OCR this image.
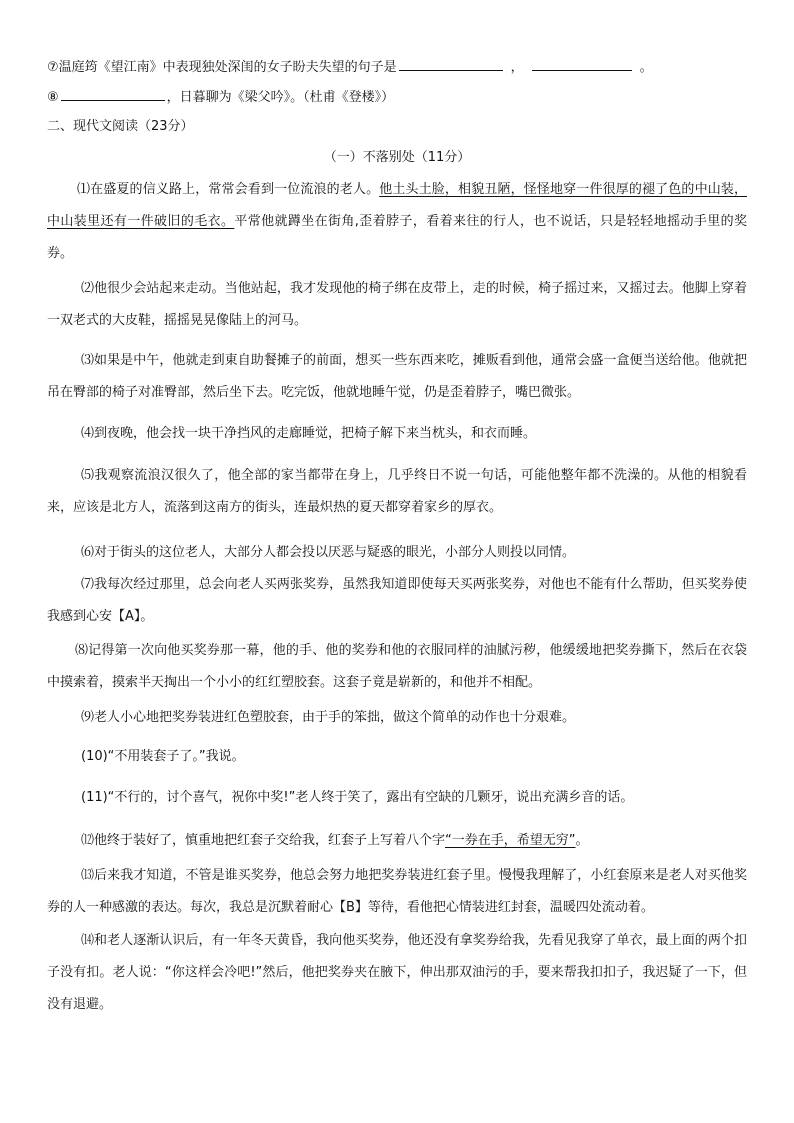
⑦温庭筠《望江南》中表现独处深闺的女子盼夫失望的句子是	，	。
⑧	，日暮聊为《梁父吟》。（杜甫《登楼》）
二、现代文阅读（23分）
（一）不落别处（11分）
⑴在盛夏的信义路上，常常会看到一位流浪的老人。他土头土脸，相貌丑陋，怪怪地穿一件很厚的褪了色的中山装，中山装里还有一件破旧的毛衣。平常他就蹲坐在街角,歪着脖子，看着来往的行人，也不说话，只是轻轻地摇动手里的奖券。
⑵他很少会站起来走动。当他站起，我才发现他的椅子绑在皮带上，走的时候，椅子摇过来，又摇过去。他脚上穿着一双老式的大皮鞋，摇摇晃晃像陆上的河马。
⑶如果是中午，他就走到東自助餐摊子的前面，想买一些东西来吃，摊贩看到他，通常会盛一盒便当送给他。他就把吊在臀部的椅子对准臀部，然后坐下去。吃完饭，他就地睡午觉，仍是歪着脖子，嘴巴微张。
⑷到夜晚，他会找一块干净挡风的走廊睡觉，把椅子解下来当枕头，和衣而睡。
⑸我观察流浪汉很久了，他全部的家当都带在身上，几乎终日不说一句话，可能他整年都不洗澡的。从他的相貌看来，应该是北方人，流落到这南方的街头，连最炽热的夏天都穿着家乡的厚衣。
⑹对于街头的这位老人，大部分人都会投以厌恶与疑惑的眼光，小部分人则投以同情。
⑺我每次经过那里，总会向老人买两张奖券，虽然我知道即使每天买两张奖券，对他也不能有什么帮助，但买奖券使我感到心安【A】。
⑻记得第一次向他买奖券那一幕，他的手、他的奖券和他的衣服同样的油腻污秽，他缓缓地把奖券撕下，然后在衣袋中摸索着，摸索半天掏出一个小小的红红塑胶套。这套子竟是崭新的，和他并不相配。
⑼老人小心地把奖券装进红色塑胶套，由于手的笨拙，做这个简单的动作也十分艰难。
(10)“不用装套子了。”我说。
(11)“不行的，讨个喜气，祝你中奖!”老人终于笑了，露出有空缺的几颗牙，说出充满乡音的话。
⑿他终于装好了，慎重地把红套子交给我，红套子上写着八个字“一券在手，希望无穷”。
⒀后来我才知道，不管是谁买奖券，他总会努力地把奖券装进红套子里。慢慢我理解了，小红套原来是老人对买他奖券的人一种感激的表达。每次，我总是沉默着耐心【B】等待，看他把心情装进红封套，温暖四处流动着。
⒁和老人逐渐认识后，有一年冬天黄昏，我向他买奖券，他还没有拿奖券给我，先看见我穿了单衣，最上面的两个扣子没有扣。老人说：“你这样会冷吧!”然后，他把奖券夹在腋下，伸出那双油污的手，要来帮我扣扣子，我迟疑了一下，但没有退避。
